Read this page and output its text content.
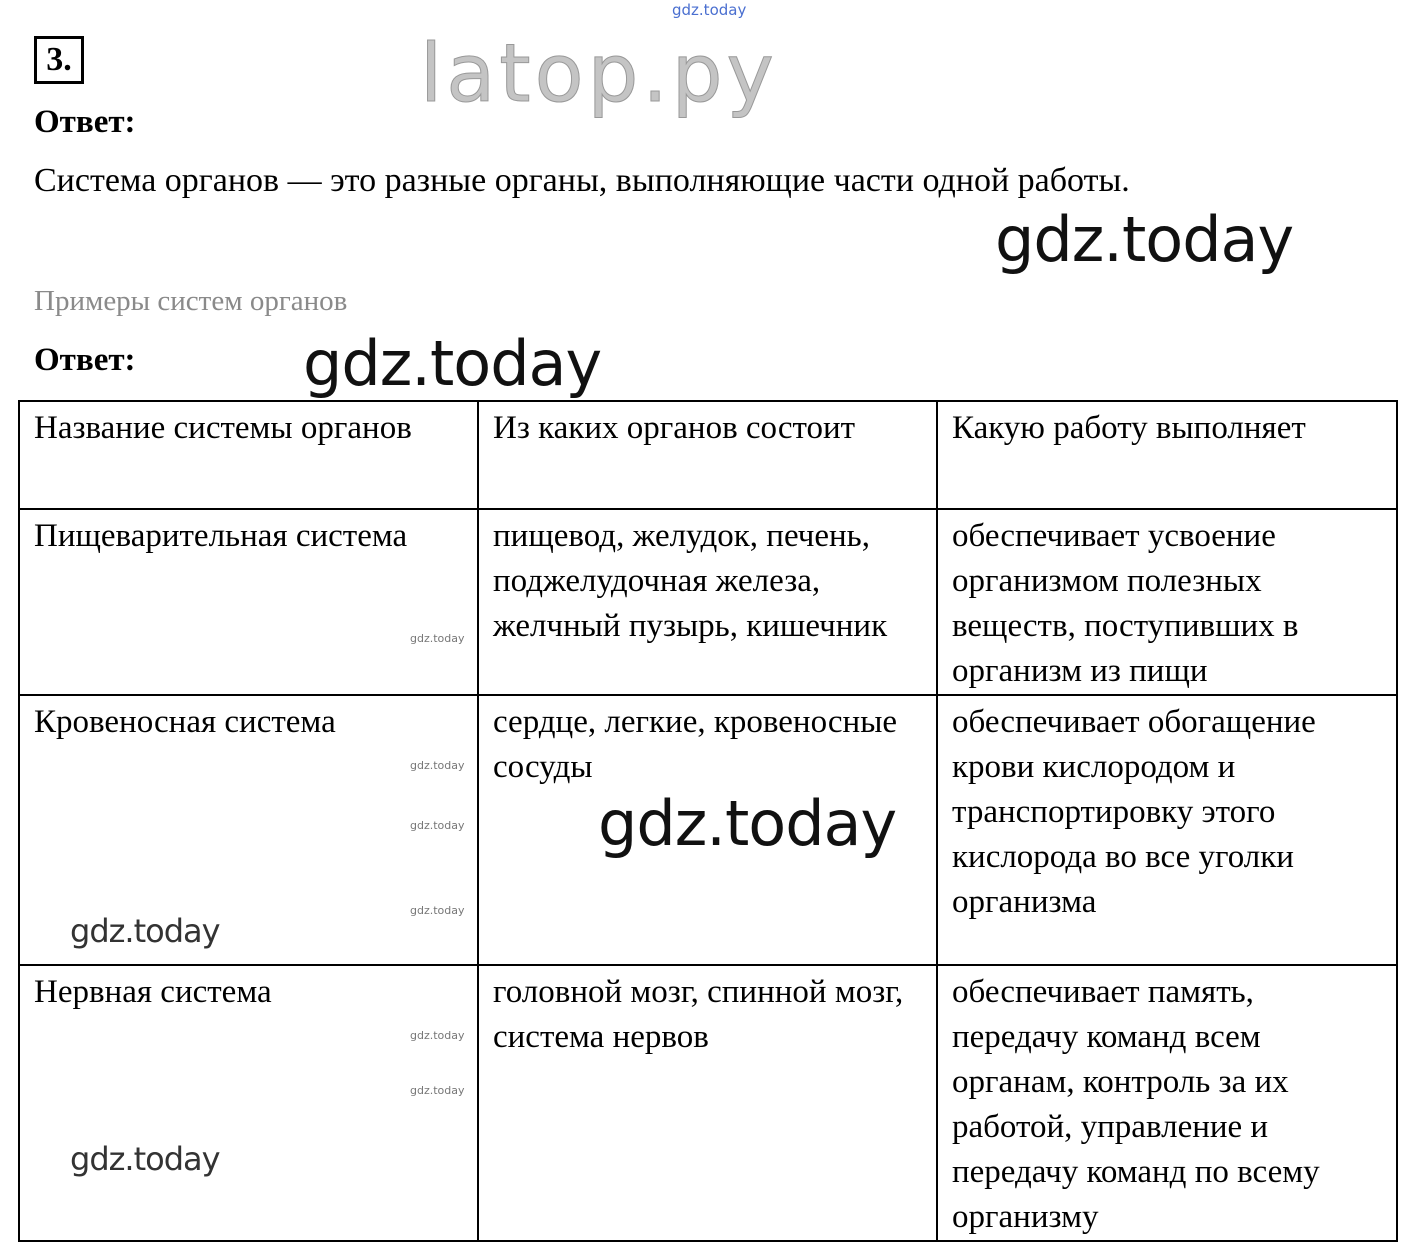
gdz.today
3.
Ответ:
Система органов — это разные органы, выполняющие части одной работы.
Примеры систем органов
Ответ:
Название системы органов	Из каких органов состоит	Какую работу выполняет

Пищеварительная система	пищевод, желудок, печень, поджелудочная железа, желчный пузырь, кишечник	обеспечивает усвоение организмом полезных веществ, поступивших в организм из пищи

Кровеносная система	сердце, легкие, кровеносные сосуды	обеспечивает обогащение крови кислородом и транспортировку этого кислорода во все уголки организма

Нервная система	головной мозг, спинной мозг, система нервов	обеспечивает память, передачу команд всем органам, контроль за их работой, управление и передачу команд по всему организму
latop.py
gdz.today
gdz.today
gdz.today
gdz.today
gdz.today
gdz.today
gdz.today
gdz.today
gdz.today
gdz.today
gdz.today
